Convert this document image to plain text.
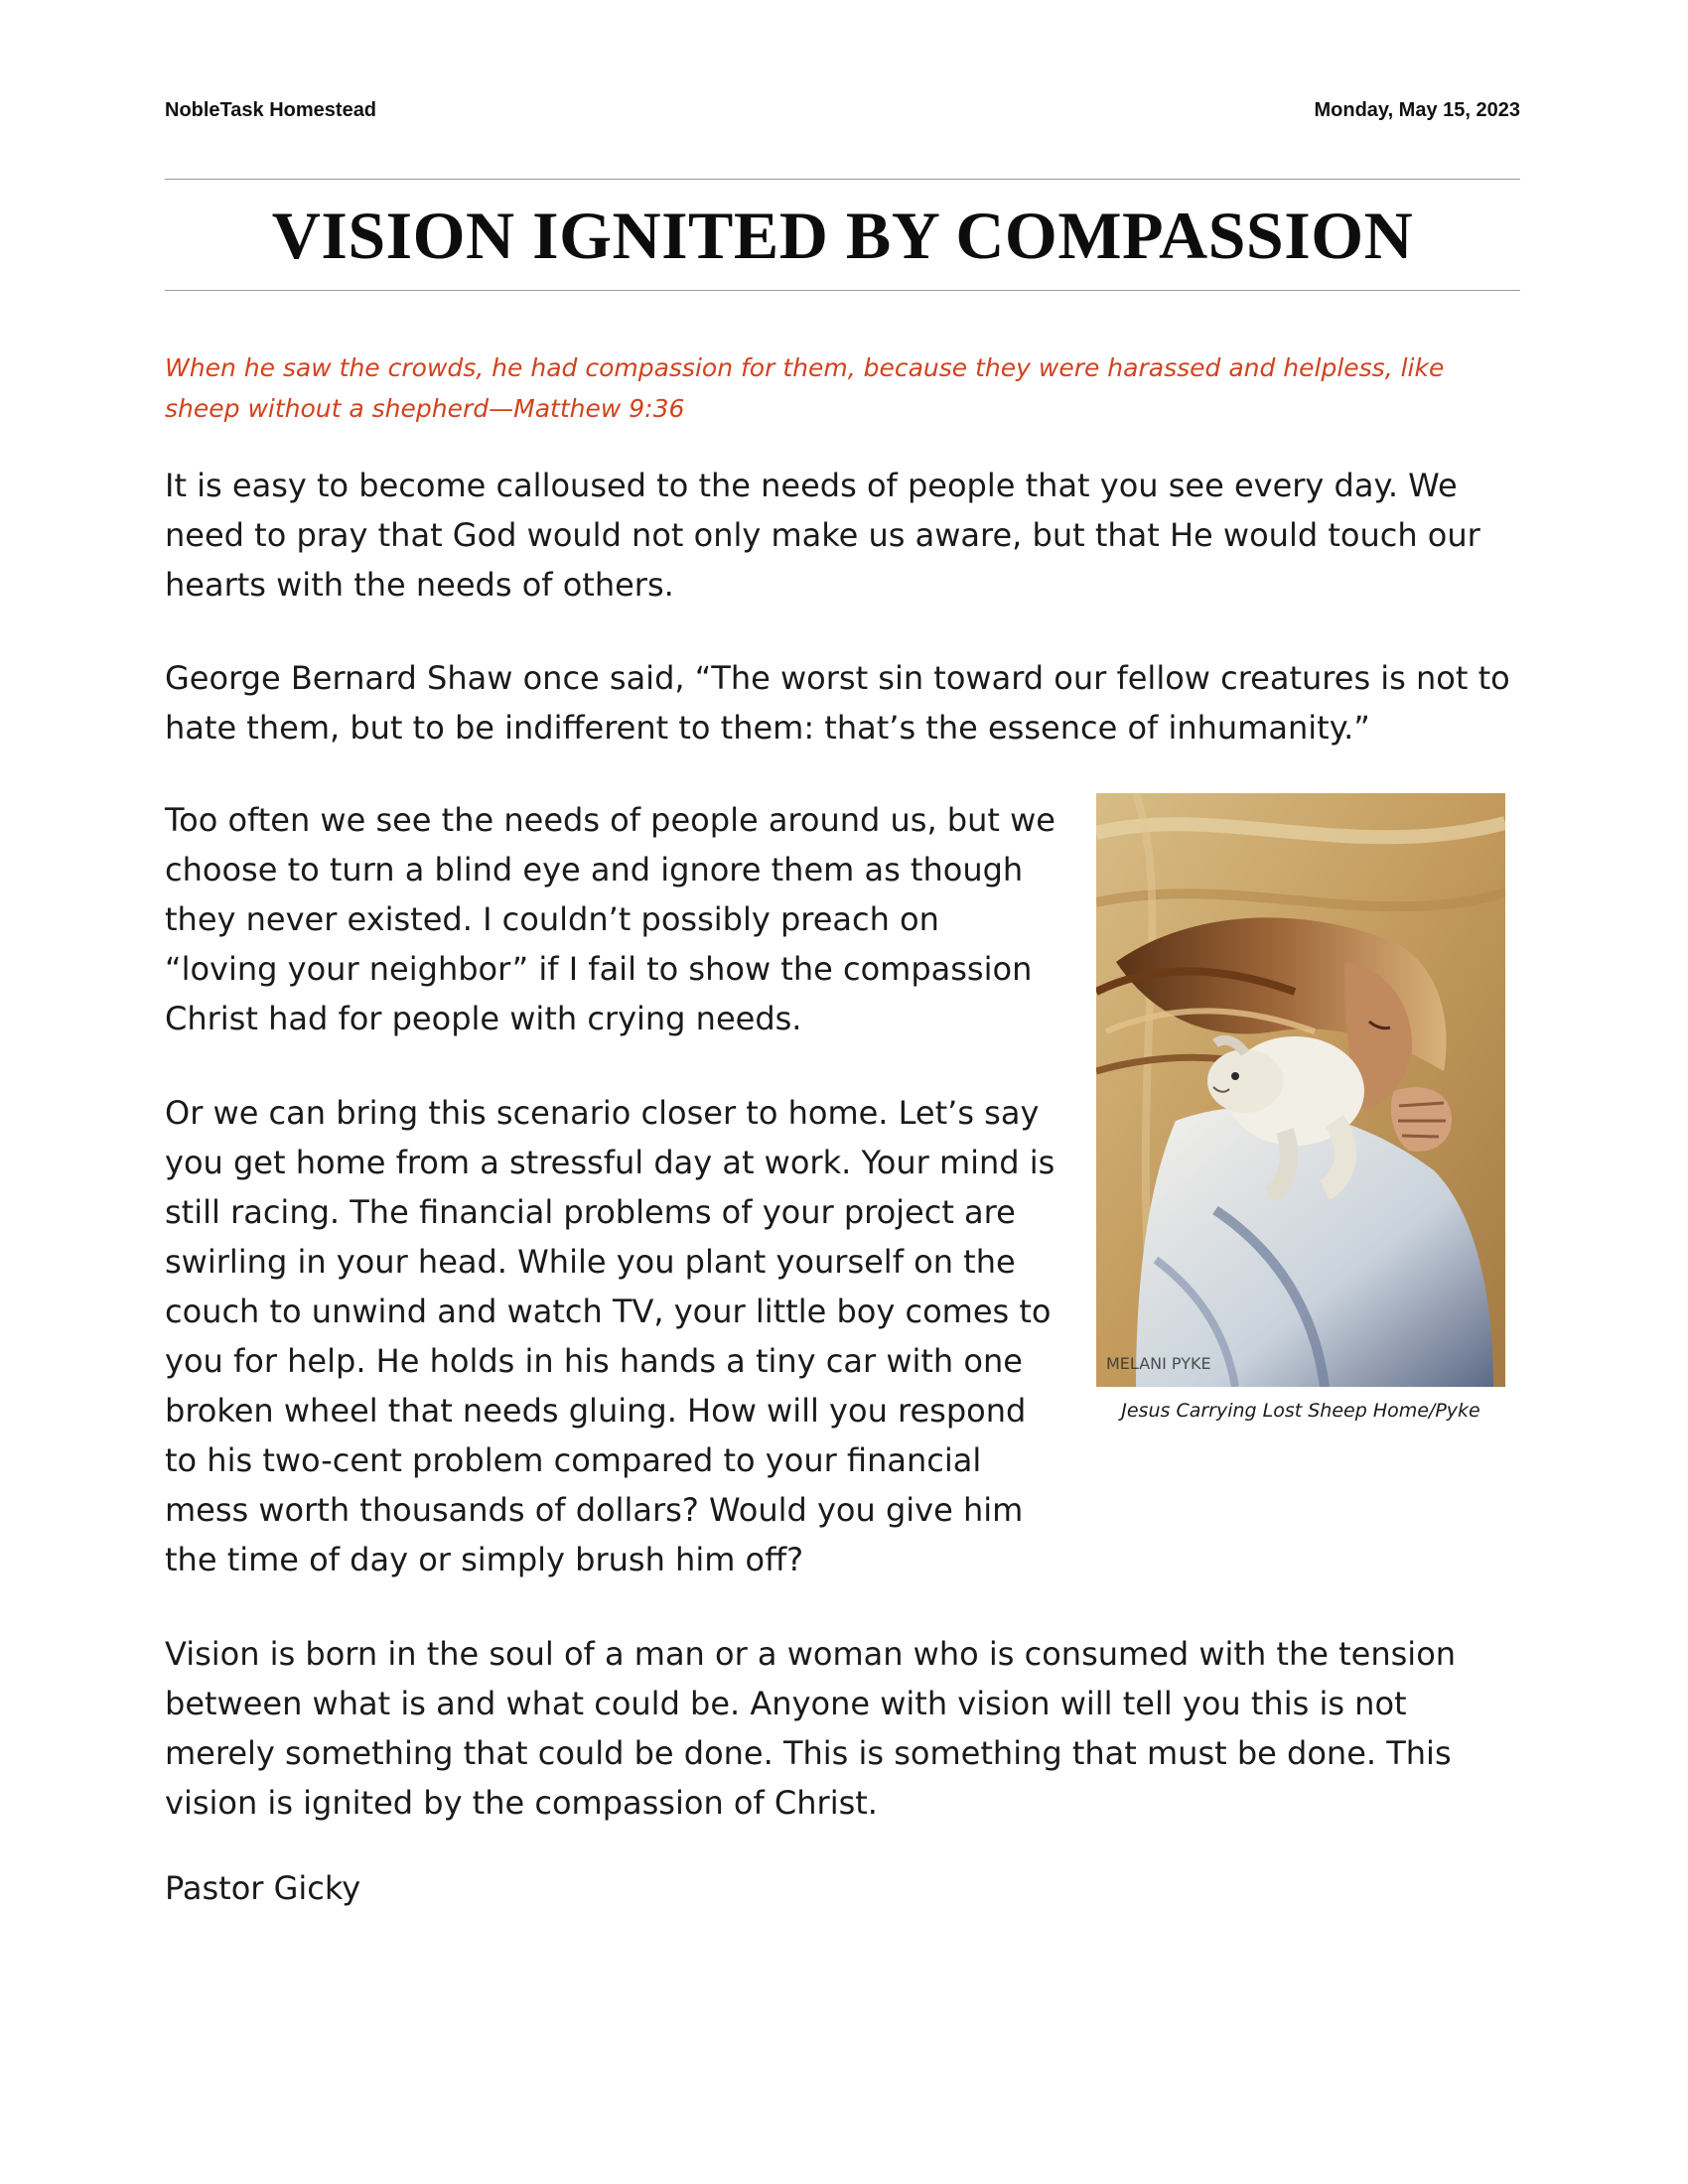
NobleTask Homestead	Monday, May 15, 2023
VISION IGNITED BY COMPASSION
When he saw the crowds, he had compassion for them, because they were harassed and helpless, like sheep without a shepherd—Matthew 9:36

It is easy to become calloused to the needs of people that you see every day. We need to pray that God would not only make us aware, but that He would touch our hearts with the needs of others.

George Bernard Shaw once said, “The worst sin toward our fellow creatures is not to hate them, but to be indifferent to them: that’s the essence of inhumanity.”

Too often we see the needs of people around us, but we choose to turn a blind eye and ignore them as though they never existed. I couldn’t possibly preach on “loving your neighbor” if I fail to show the compassion Christ had for people with crying needs.

Or we can bring this scenario closer to home. Let’s say you get home from a stressful day at work. Your mind is still racing. The financial problems of your project are swirling in your head. While you plant yourself on the couch to unwind and watch TV, your little boy comes to you for help. He holds in his hands a tiny car with one broken wheel that needs gluing. How will you respond to his two-cent problem compared to your financial mess worth thousands of dollars? Would you give him the time of day or simply brush him off?

MELANI PYKE
Jesus Carrying Lost Sheep Home/Pyke

Vision is born in the soul of a man or a woman who is consumed with the tension between what is and what could be. Anyone with vision will tell you this is not merely something that could be done. This is something that must be done. This vision is ignited by the compassion of Christ.

Pastor Gicky
